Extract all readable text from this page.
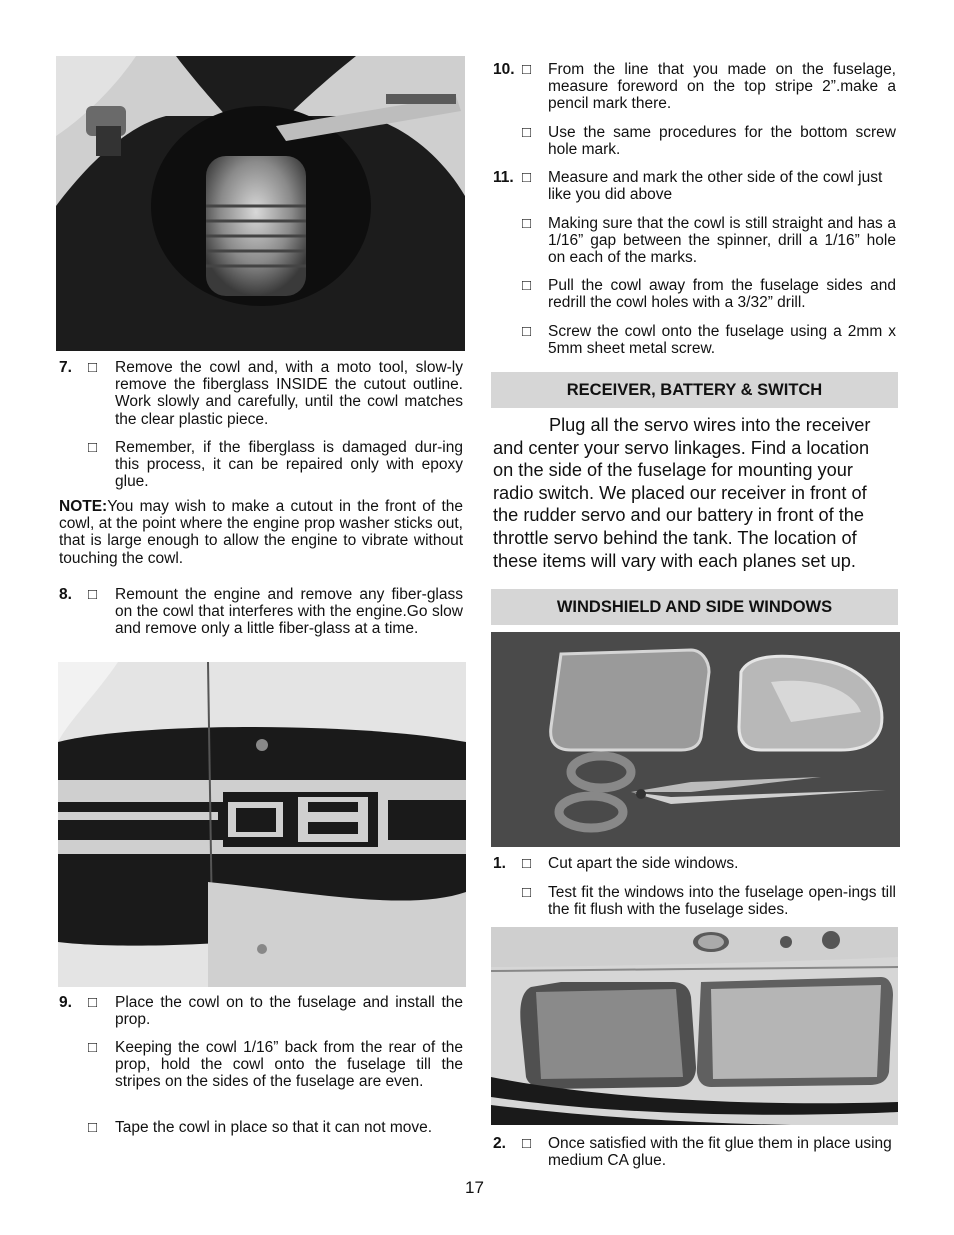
7.	□ Remove the cowl and, with a moto tool, slow-ly remove the fiberglass INSIDE the cutout outline. Work slowly and carefully, until the cowl matches the clear plastic piece.
□ Remember, if the fiberglass is damaged dur-ing this process, it can be repaired only with epoxy glue.
NOTE:You may wish to make a cutout in the front of the cowl, at the point where the engine prop washer sticks out, that is large enough to allow the engine to vibrate without touching the cowl.
8.	□ Remount the engine and remove any fiber-glass on the cowl that interferes with the engine.Go slow and remove only a little fiber-glass at a time.
9.	□ Place the cowl on to the fuselage and install the prop.
□ Keeping the cowl 1/16” back from the rear of the prop, hold the cowl onto the fuselage till the stripes on the sides of the fuselage are even.
□ Tape the cowl in place so that it can not move.
10. □ From the line that you made on the fuselage, measure foreword on the top stripe 2”.make a pencil mark there.
□ Use the same procedures for the bottom screw hole mark.
11. □ Measure and mark the other side of the cowl just like you did above
□ Making sure that the cowl is still straight and has a 1/16” gap between the spinner, drill a 1/16” hole on each of the marks.
□ Pull the cowl away from the fuselage sides and redrill the cowl holes with a 3/32” drill.
□ Screw the cowl onto the fuselage using a 2mm x 5mm sheet metal screw.
RECEIVER, BATTERY & SWITCH
Plug all the servo wires into the receiver and center your servo linkages. Find a location on the side of the fuselage for mounting your radio switch. We placed our receiver in front of the rudder servo and our battery in front of the throttle servo behind the tank. The location of these items will vary with each planes set up.
WINDSHIELD AND SIDE WINDOWS
1.	□ Cut apart the side windows.
□ Test fit the windows into the fuselage open-ings till the fit flush with the fuselage sides.
2.	□ Once satisfied with the fit glue them in place using medium CA glue.
17
